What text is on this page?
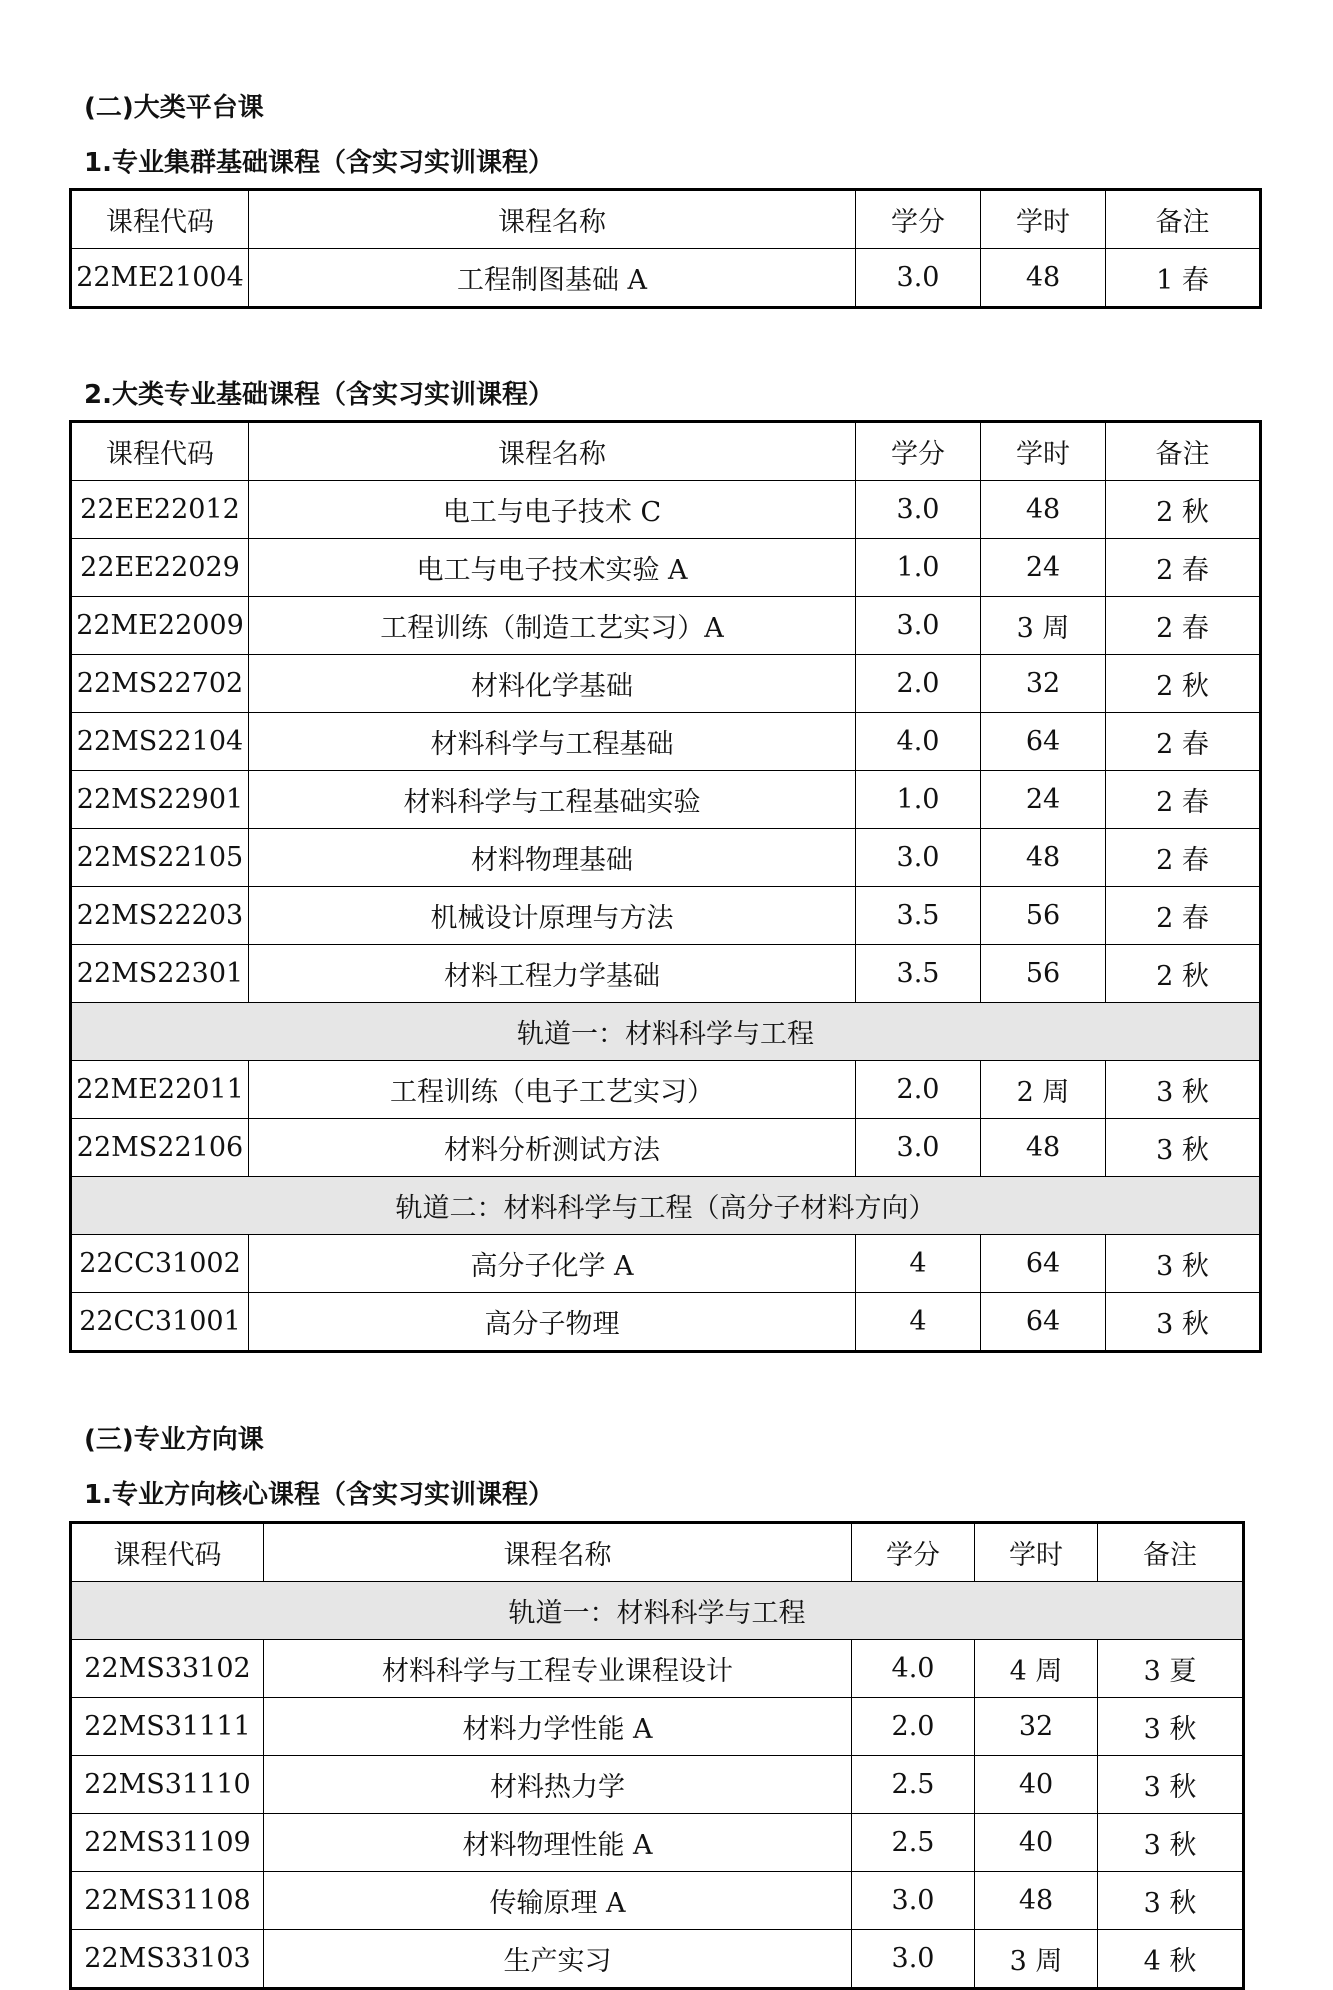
(二)大类平台课
1.专业集群基础课程（含实习实训课程）
课程代码	课程名称	学分	学时	备注
22ME21004	工程制图基础 A	3.0	48	1 春
2.大类专业基础课程（含实习实训课程）
课程代码	课程名称	学分	学时	备注
22EE22012	电工与电子技术 C	3.0	48	2 秋
22EE22029	电工与电子技术实验 A	1.0	24	2 春
22ME22009	工程训练（制造工艺实习）A	3.0	3 周	2 春
22MS22702	材料化学基础	2.0	32	2 秋
22MS22104	材料科学与工程基础	4.0	64	2 春
22MS22901	材料科学与工程基础实验	1.0	24	2 春
22MS22105	材料物理基础	3.0	48	2 春
22MS22203	机械设计原理与方法	3.5	56	2 春
22MS22301	材料工程力学基础	3.5	56	2 秋
轨道一：材料科学与工程				
22ME22011	工程训练（电子工艺实习）	2.0	2 周	3 秋
22MS22106	材料分析测试方法	3.0	48	3 秋
轨道二：材料科学与工程（高分子材料方向）				
22CC31002	高分子化学 A	4	64	3 秋
22CC31001	高分子物理	4	64	3 秋
(三)专业方向课
1.专业方向核心课程（含实习实训课程）
课程代码	课程名称	学分	学时	备注
轨道一：材料科学与工程				
22MS33102	材料科学与工程专业课程设计	4.0	4 周	3 夏
22MS31111	材料力学性能 A	2.0	32	3 秋
22MS31110	材料热力学	2.5	40	3 秋
22MS31109	材料物理性能 A	2.5	40	3 秋
22MS31108	传输原理 A	3.0	48	3 秋
22MS33103	生产实习	3.0	3 周	4 秋
